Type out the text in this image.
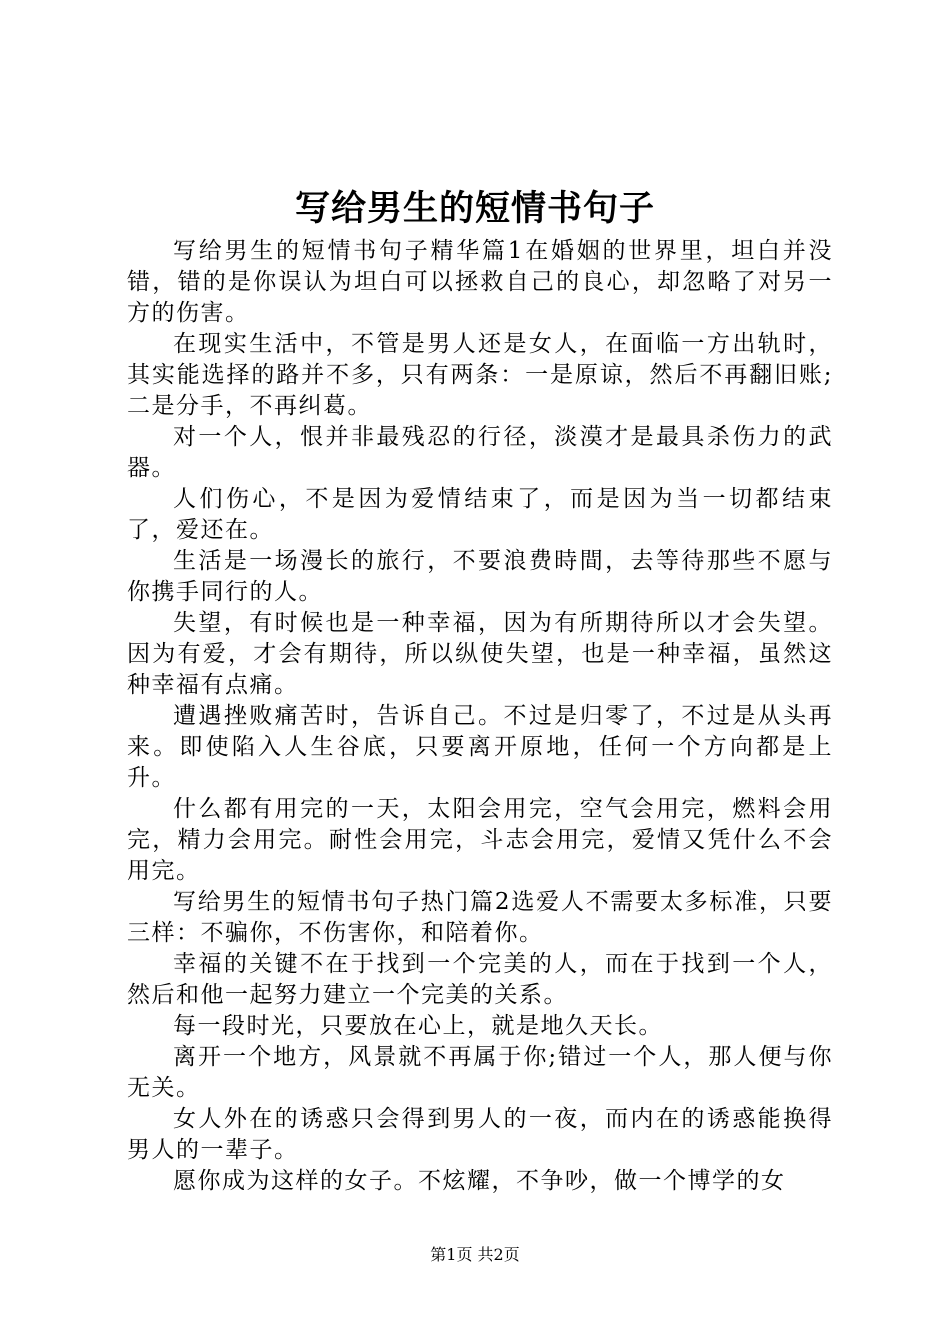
写给男生的短情书句子

写给男生的短情书句子精华篇1在婚姻的世界里，坦白并没错，错的是你误认为坦白可以拯救自己的良心，却忽略了对另一方的伤害。

在现实生活中，不管是男人还是女人，在面临一方出轨时，其实能选择的路并不多，只有两条：一是原谅，然后不再翻旧账;二是分手，不再纠葛。

对一个人，恨并非最残忍的行径，淡漠才是最具杀伤力的武器。

人们伤心，不是因为爱情结束了，而是因为当一切都结束了，爱还在。

生活是一场漫长的旅行，不要浪费時間，去等待那些不愿与你携手同行的人。

失望，有时候也是一种幸福，因为有所期待所以才会失望。因为有爱，才会有期待，所以纵使失望，也是一种幸福，虽然这种幸福有点痛。

遭遇挫败痛苦时，告诉自己。不过是归零了，不过是从头再来。即使陷入人生谷底，只要离开原地，任何一个方向都是上升。

什么都有用完的一天，太阳会用完，空气会用完，燃料会用完，精力会用完。耐性会用完，斗志会用完，爱情又凭什么不会用完。

写给男生的短情书句子热门篇2选爱人不需要太多标准，只要三样：不骗你，不伤害你，和陪着你。

幸福的关键不在于找到一个完美的人，而在于找到一个人，然后和他一起努力建立一个完美的关系。

每一段时光，只要放在心上，就是地久天长。

离开一个地方，风景就不再属于你;错过一个人，那人便与你无关。

女人外在的诱惑只会得到男人的一夜，而内在的诱惑能换得男人的一辈子。

愿你成为这样的女子。不炫耀，不争吵，做一个博学的女

第1页 共2页
